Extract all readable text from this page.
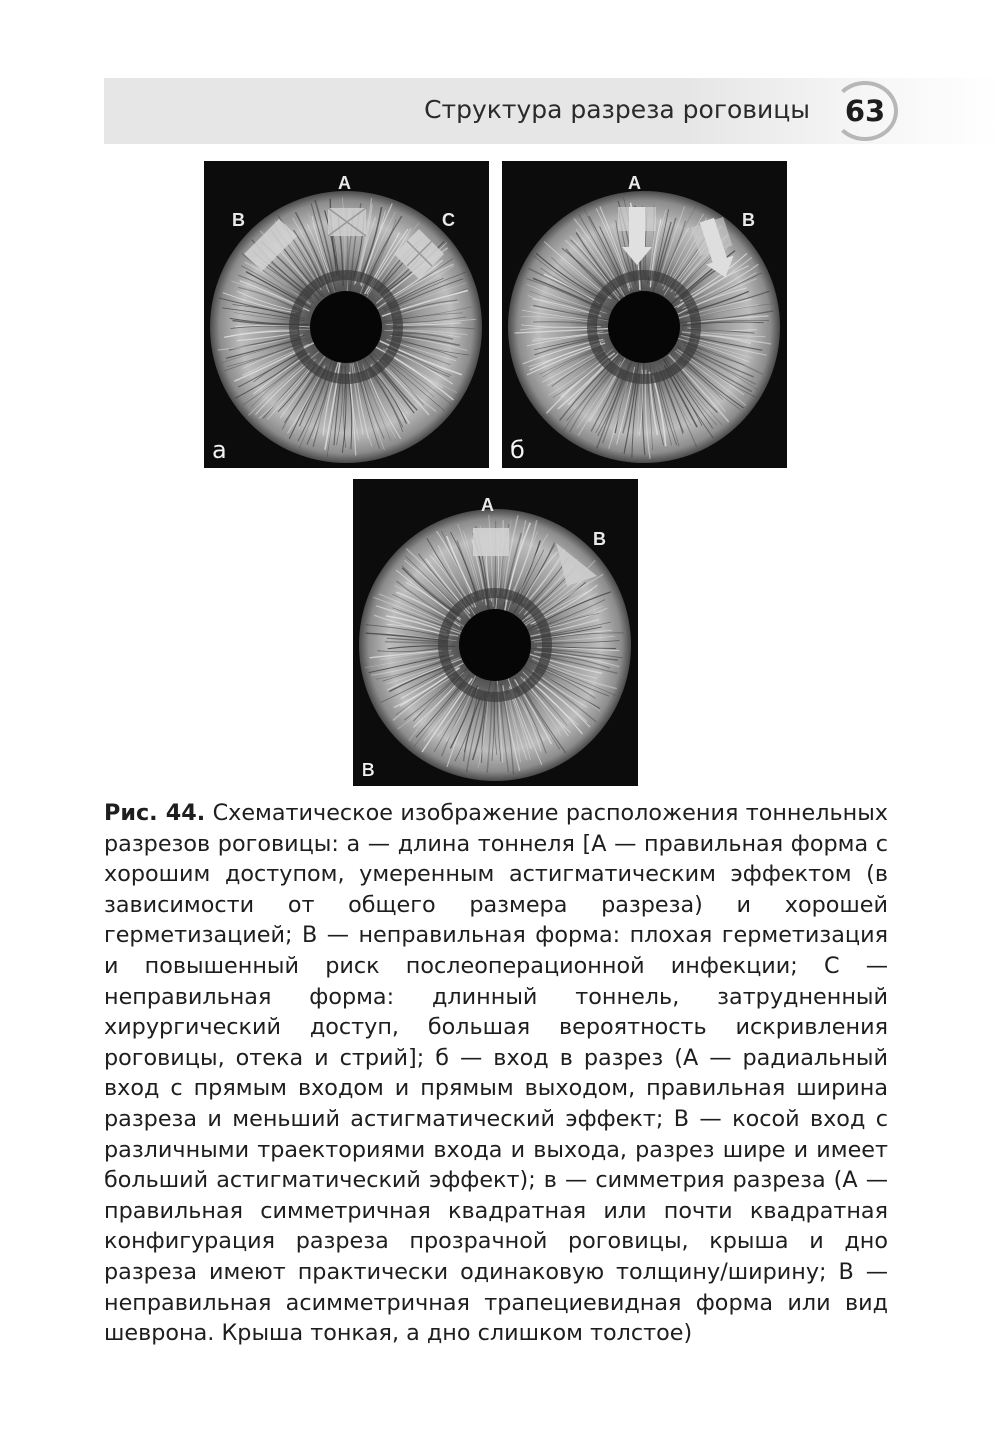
Структура разреза роговицы	63
A
B	C
а
A
B
б
A
B
в

Рис. 44. Схематическое изображение расположения тоннельных разрезов роговицы: а — длина тоннеля [А — правильная форма с хорошим доступом, умеренным астигматическим эффектом (в зависимости от общего размера разреза) и хорошей герметизацией; В — неправильная форма: плохая герметизация и повышенный риск послеоперационной инфекции; С — неправильная форма: длинный тоннель, затрудненный хирургический доступ, большая вероятность искривления роговицы, отека и стрий]; б — вход в разрез (А — радиальный вход с прямым входом и прямым выходом, правильная ширина разреза и меньший астигматический эффект; В — косой вход с различными траекториями входа и выхода, разрез шире и имеет больший астигматический эффект); в — симметрия разреза (А — правильная симметричная квадратная или почти квадратная конфигурация разреза прозрачной роговицы, крыша и дно разреза имеют практически одинаковую толщину/ширину; В — неправильная асимметричная трапециевидная форма или вид шеврона. Крыша тонкая, а дно слишком толстое)
